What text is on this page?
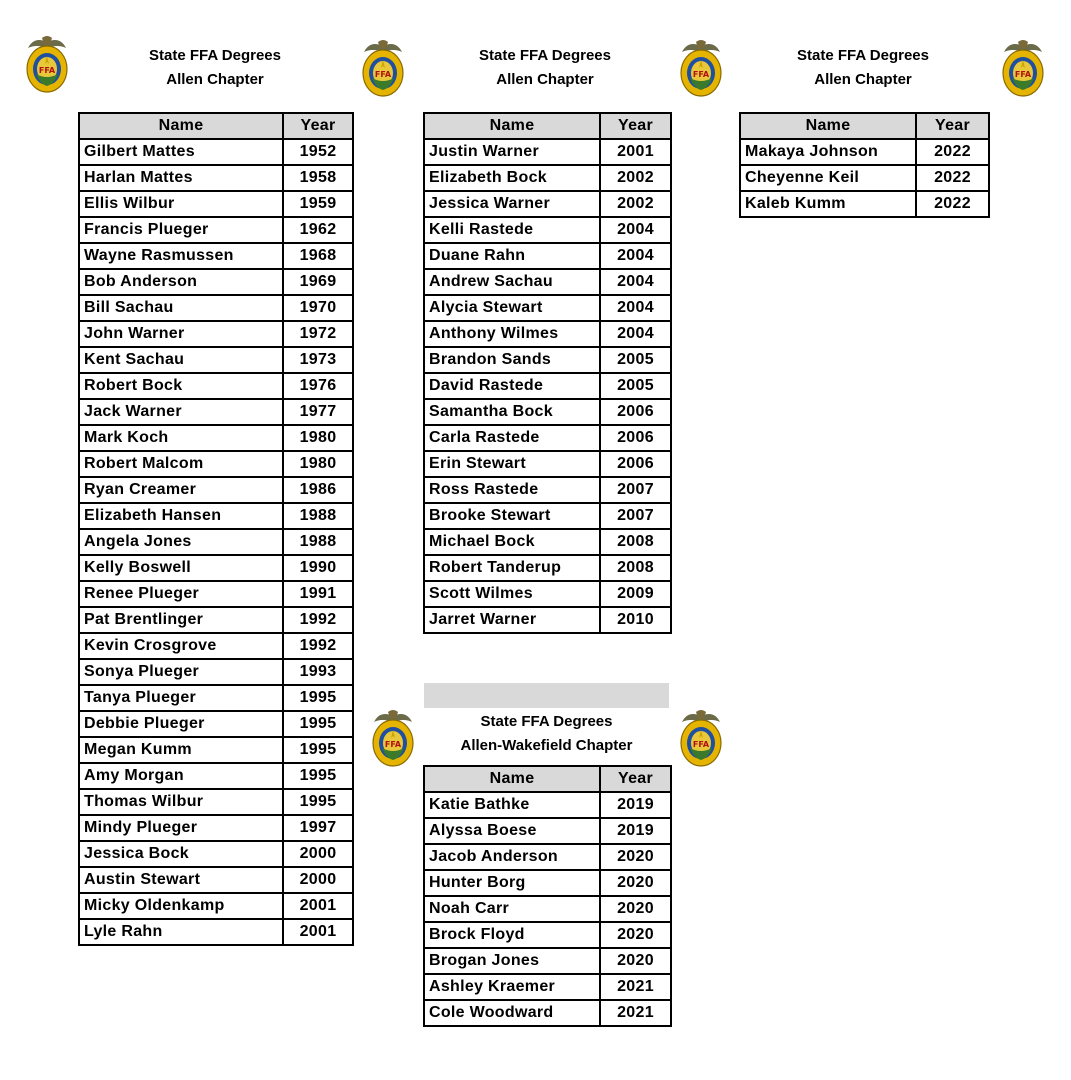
FFA
State FFA Degrees
Allen Chapter	FFA
Name	Year
Gilbert Mattes	1952
Harlan Mattes	1958
Ellis Wilbur	1959
Francis Plueger	1962
Wayne Rasmussen	1968
Bob Anderson	1969
Bill Sachau	1970
John Warner	1972
Kent Sachau	1973
Robert Bock	1976
Jack Warner	1977
Mark Koch	1980
Robert Malcom	1980
Ryan Creamer	1986
Elizabeth Hansen	1988
Angela Jones	1988
Kelly Boswell	1990
Renee Plueger	1991
Pat Brentlinger	1992
Kevin Crosgrove	1992
Sonya Plueger	1993
Tanya Plueger	1995
Debbie Plueger	1995
Megan Kumm	1995
Amy Morgan	1995
Thomas Wilbur	1995
Mindy Plueger	1997
Jessica Bock	2000
Austin Stewart	2000
Micky Oldenkamp	2001
Lyle Rahn	2001
State FFA Degrees
Allen Chapter	FFA
Name	Year
Justin Warner	2001
Elizabeth Bock	2002
Jessica Warner	2002
Kelli Rastede	2004
Duane Rahn	2004
Andrew Sachau	2004
Alycia Stewart	2004
Anthony Wilmes	2004
Brandon Sands	2005
David Rastede	2005
Samantha Bock	2006
Carla Rastede	2006
Erin Stewart	2006
Ross Rastede	2007
Brooke Stewart	2007
Michael Bock	2008
Robert Tanderup	2008
Scott Wilmes	2009
Jarret Warner	2010
FFA
State FFA Degrees
Allen-Wakefield Chapter	FFA
Name	Year
Katie Bathke	2019
Alyssa Boese	2019
Jacob Anderson	2020
Hunter Borg	2020
Noah Carr	2020
Brock Floyd	2020
Brogan Jones	2020
Ashley Kraemer	2021
Cole Woodward	2021
State FFA Degrees
Allen Chapter	FFA
Name	Year
Makaya Johnson	2022
Cheyenne Keil	2022
Kaleb Kumm	2022
